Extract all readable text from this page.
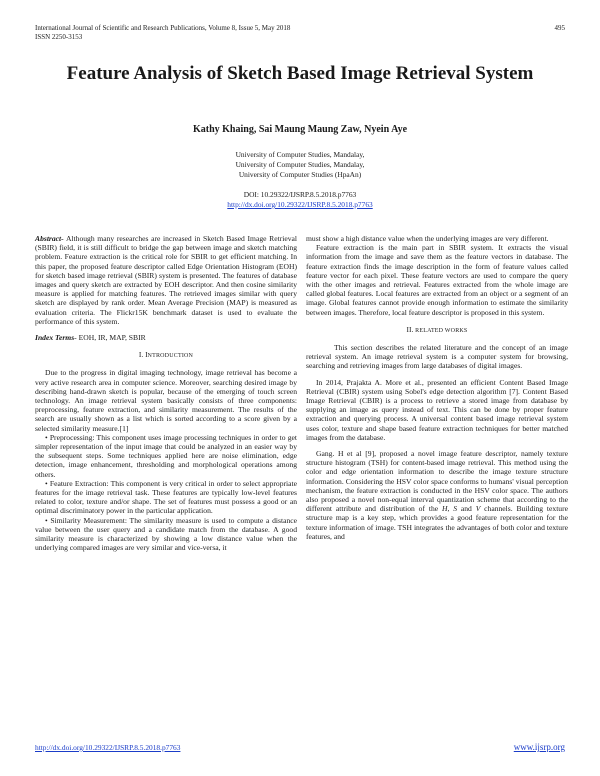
International Journal of Scientific and Research Publications, Volume 8, Issue 5, May 2018
ISSN 2250-3153
495
Feature Analysis of Sketch Based Image Retrieval System
Kathy Khaing, Sai Maung Maung Zaw, Nyein Aye
University of Computer Studies, Mandalay,
University of Computer Studies, Mandalay,
University of Computer Studies (HpaAn)
DOI: 10.29322/IJSRP.8.5.2018.p7763
http://dx.doi.org/10.29322/IJSRP.8.5.2018.p7763

Abstract- Although many researches are increased in Sketch Based Image Retrieval (SBIR) field, it is still difficult to bridge the gap between image and sketch matching problem. Feature extraction is the critical role for SBIR to get efficient matching. In this paper, the proposed feature descriptor called Edge Orientation Histogram (EOH) for sketch based image retrieval (SBIR) system is presented. The features of database images and query sketch are extracted by EOH descriptor. And then cosine similarity measure is applied for matching features. The retrieved images similar with query sketch are displayed by rank order. Mean Average Precision (MAP) is measured as evaluation criteria. The Flickr15K benchmark dataset is used to evaluate the performance of this system.

Index Terms- EOH, IR, MAP, SBIR

I. INTRODUCTION

Due to the progress in digital imaging technology, image retrieval has become a very active research area in computer science. Moreover, searching desired image by describing hand-drawn sketch is popular, because of the emerging of touch screen technology. An image retrieval system basically consists of three components: preprocessing, feature extraction, and similarity measurement. The results of the search are usually shown as a list which is sorted according to a score given by a selected similarity measure.[1]

• Preprocessing: This component uses image processing techniques in order to get simpler representation of the input image that could be analyzed in an easier way by the subsequent steps. Some techniques applied here are noise elimination, edge detection, image enhancement, thresholding and morphological operations among others.

• Feature Extraction: This component is very critical in order to select appropriate features for the image retrieval task. These features are typically low-level features related to color, texture and/or shape. The set of features must possess a good or an optimal discriminatory power in the particular application.

• Similarity Measurement: The similarity measure is used to compute a distance value between the user query and a candidate match from the database. A good similarity measure is characterized by showing a low distance value when the underlying compared images are very similar and vice-versa, it

must show a high distance value when the underlying images are very different.

Feature extraction is the main part in SBIR system. It extracts the visual information from the image and save them as the feature vectors in database. The feature extraction finds the image description in the form of feature values called feature vector for each pixel. These feature vectors are used to compare the query with the other images and retrieval. Features extracted from the whole image are called global features. Local features are extracted from an object or a segment of an image. Global features cannot provide enough information to estimate the similarity between images. Therefore, local feature descriptor is proposed in this system.

II. RELATED WORKS

This section describes the related literature and the concept of an image retrieval system. An image retrieval system is a computer system for browsing, searching and retrieving images from large databases of digital images.

In 2014, Prajakta A. More et al., presented an efficient Content Based Image Retrieval (CBIR) system using Sobel's edge detection algorithm [7]. Content Based Image Retrieval (CBIR) is a process to retrieve a stored image from database by supplying an image as query instead of text. This can be done by proper feature extraction and querying process. A universal content based image retrieval system uses color, texture and shape based feature extraction techniques for better matched images from the database.

Gang. H et al [9], proposed a novel image feature descriptor, namely texture structure histogram (TSH) for content-based image retrieval. This method using the color and edge orientation information to describe the image texture structure information. Considering the HSV color space conforms to humans' visual perception mechanism, the feature extraction is conducted in the HSV color space. The authors also proposed a novel non-equal interval quantization scheme that according to the different attribute and distribution of the H, S and V channels. Building texture structure map is a key step, which provides a good feature representation for the texture information of image. TSH integrates the advantages of both color and texture features, and

http://dx.doi.org/10.29322/IJSRP.8.5.2018.p7763	www.ijsrp.org
